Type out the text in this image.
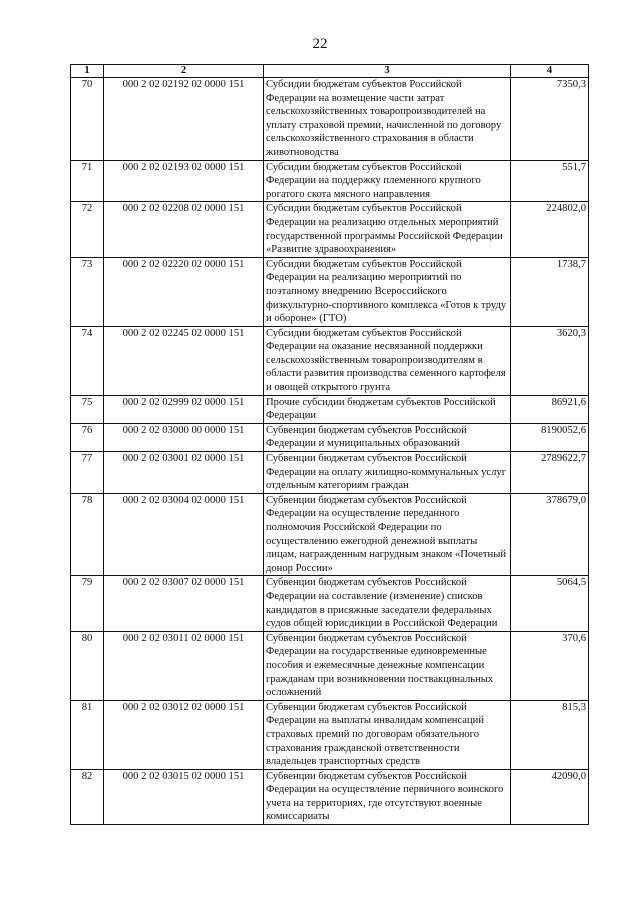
22
1	2	3	4
70	000 2 02 02192 02 0000 151	Субсидии бюджетам субъектов Российской Федерации на возмещение части затрат сельскохозяйственных товаропроизводителей на уплату страховой премии, начисленной по договору сельскохозяйственного страхования в области животноводства	7350,3
71	000 2 02 02193 02 0000 151	Субсидии бюджетам субъектов Российской Федерации на поддержку племенного крупного рогатого скота мясного направления	551,7
72	000 2 02 02208 02 0000 151	Субсидии бюджетам субъектов Российской Федерации на реализацию отдельных мероприятий государственной программы Российской Федерации «Развитие здравоохранения»	224802,0
73	000 2 02 02220 02 0000 151	Субсидии бюджетам субъектов Российской Федерации на реализацию мероприятий по поэтапному внедрению Всероссийского физкультурно-спортивного комплекса «Готов к труду и обороне» (ГТО)	1738,7
74	000 2 02 02245 02 0000 151	Субсидии бюджетам субъектов Российской Федерации на оказание несвязанной поддержки сельскохозяйственным товаропроизводителям в области развития производства семенного картофеля и овощей открытого грунта	3620,3
75	000 2 02 02999 02 0000 151	Прочие субсидии бюджетам субъектов Российской Федерации	86921,6
76	000 2 02 03000 00 0000 151	Субвенции бюджетам субъектов Российской Федерации и муниципальных образований	8190052,6
77	000 2 02 03001 02 0000 151	Субвенции бюджетам субъектов Российской Федерации на оплату жилищно-коммунальных услуг отдельным категориям граждан	2789622,7
78	000 2 02 03004 02 0000 151	Субвенции бюджетам субъектов Российской Федерации на осуществление переданного полномочия Российской Федерации по осуществлению ежегодной денежной выплаты лицам, награжденным нагрудным знаком «Почетный донор России»	378679,0
79	000 2 02 03007 02 0000 151	Субвенции бюджетам субъектов Российской Федерации на составление (изменение) списков кандидатов в присяжные заседатели федеральных судов общей юрисдикции в Российской Федерации	5064,5
80	000 2 02 03011 02 0000 151	Субвенции бюджетам субъектов Российской Федерации на государственные единовременные пособия и ежемесячные денежные компенсации гражданам при возникновении поствакцинальных осложнений	370,6
81	000 2 02 03012 02 0000 151	Субвенции бюджетам субъектов Российской Федерации на выплаты инвалидам компенсаций страховых премий по договорам обязательного страхования гражданской ответственности владельцев транспортных средств	815,3
82	000 2 02 03015 02 0000 151	Субвенции бюджетам субъектов Российской Федерации на осуществление первичного воинского учета на территориях, где отсутствуют военные комиссариаты	42090,0
